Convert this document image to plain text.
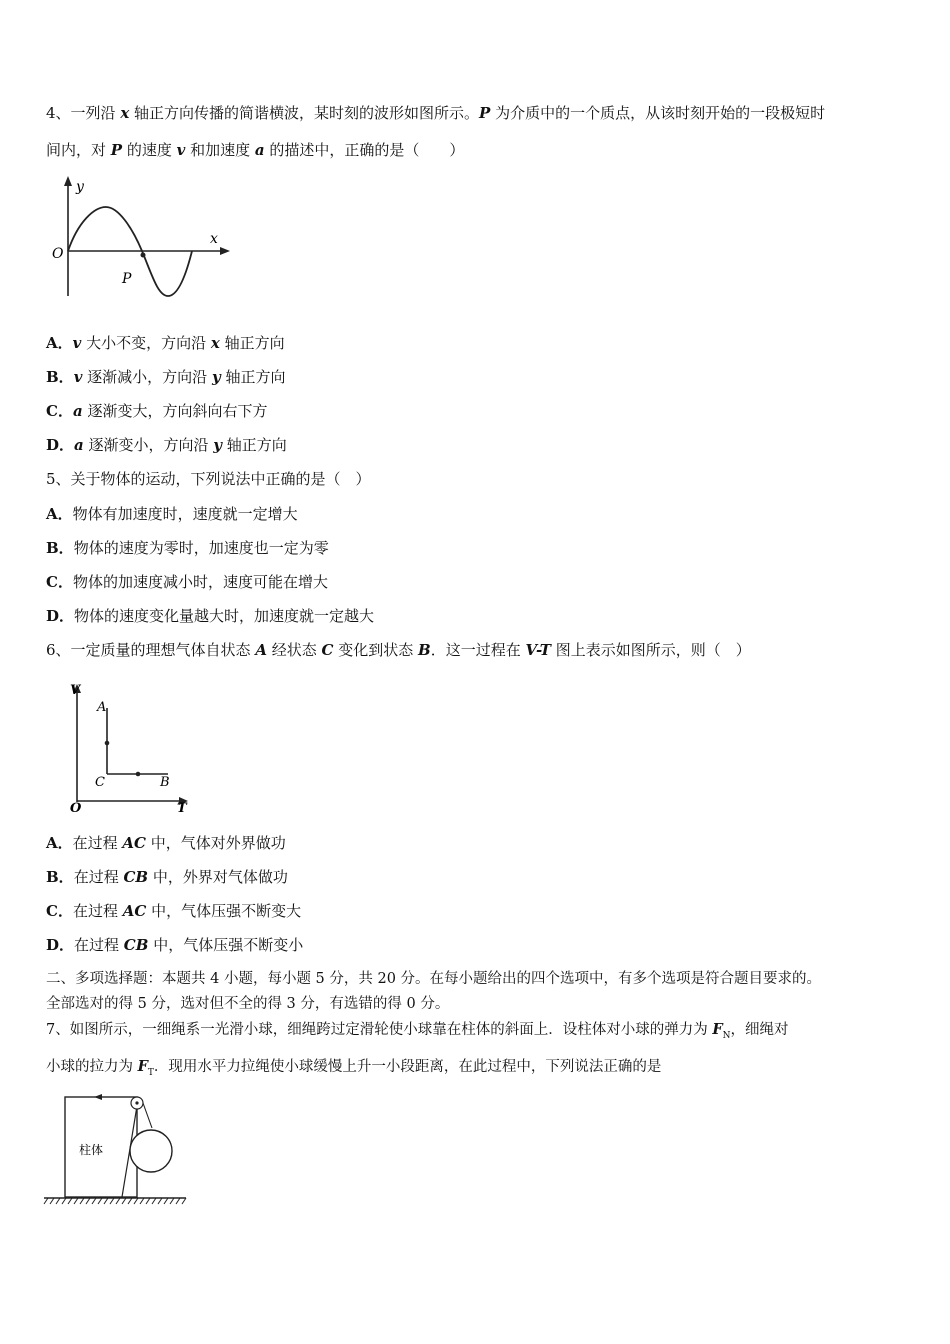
4、一列沿 x 轴正方向传播的简谐横波，某时刻的波形如图所示。P 为介质中的一个质点，从该时刻开始的一段极短时
间内，对 P 的速度 v 和加速度 a 的描述中，正确的是（　　）
y
x
O
P
A．v 大小不变，方向沿 x 轴正方向
B．v 逐渐减小，方向沿 y 轴正方向
C．a 逐渐变大，方向斜向右下方
D．a 逐渐变小，方向沿 y 轴正方向
5、关于物体的运动，下列说法中正确的是（　）
A．物体有加速度时，速度就一定增大
B．物体的速度为零时，加速度也一定为零
C．物体的加速度减小时，速度可能在增大
D．物体的速度变化量越大时，加速度就一定越大
6、一定质量的理想气体自状态 A 经状态 C 变化到状态 B．这一过程在 V-T 图上表示如图所示，则（　）
V
A
C	B
O	T
A．在过程 AC 中，气体对外界做功
B．在过程 CB 中，外界对气体做功
C．在过程 AC 中，气体压强不断变大
D．在过程 CB 中，气体压强不断变小
二、多项选择题：本题共 4 小题，每小题 5 分，共 20 分。在每小题给出的四个选项中，有多个选项是符合题目要求的。
全部选对的得 5 分，选对但不全的得 3 分，有选错的得 0 分。
7、如图所示，一细绳系一光滑小球，细绳跨过定滑轮使小球靠在柱体的斜面上．设柱体对小球的弹力为 $F_N$，细绳对
小球的拉力为 $F_T$．现用水平力拉绳使小球缓慢上升一小段距离，在此过程中，下列说法正确的是
柱体
